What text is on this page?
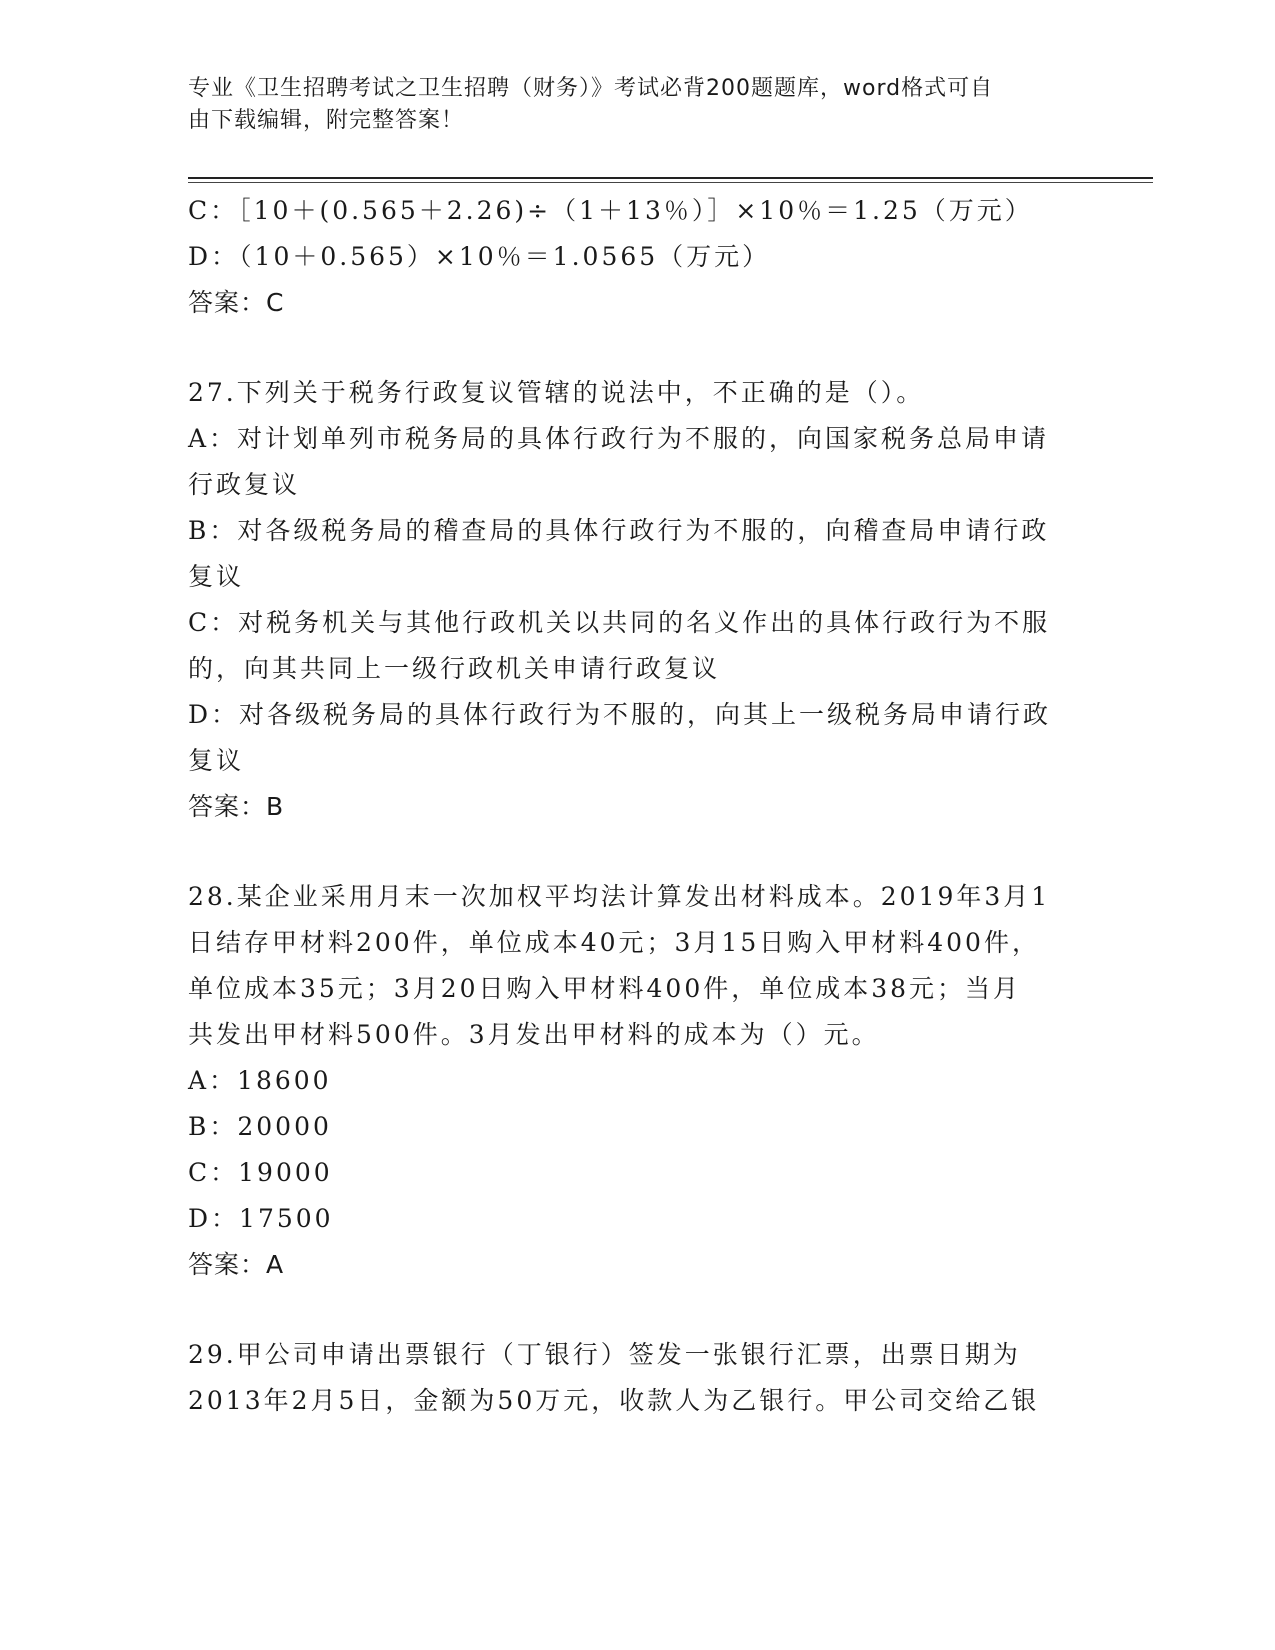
专业《卫生招聘考试之卫生招聘（财务）》考试必背200题题库，word格式可自
由下载编辑，附完整答案！
C：［10＋(0.565＋2.26)÷（1＋13％）］×10％＝1.25（万元）
D：（10＋0.565）×10％＝1.0565（万元）
答案：C
27.下列关于税务行政复议管辖的说法中，不正确的是（）。
A：对计划单列市税务局的具体行政行为不服的，向国家税务总局申请
行政复议
B：对各级税务局的稽查局的具体行政行为不服的，向稽查局申请行政
复议
C：对税务机关与其他行政机关以共同的名义作出的具体行政行为不服
的，向其共同上一级行政机关申请行政复议
D：对各级税务局的具体行政行为不服的，向其上一级税务局申请行政
复议
答案：B
28.某企业采用月末一次加权平均法计算发出材料成本。2019年3月1
日结存甲材料200件，单位成本40元；3月15日购入甲材料400件，
单位成本35元；3月20日购入甲材料400件，单位成本38元；当月
共发出甲材料500件。3月发出甲材料的成本为（）元。
A：18600
B：20000
C：19000
D：17500
答案：A
29.甲公司申请出票银行（丁银行）签发一张银行汇票，出票日期为
2013年2月5日，金额为50万元，收款人为乙银行。甲公司交给乙银
